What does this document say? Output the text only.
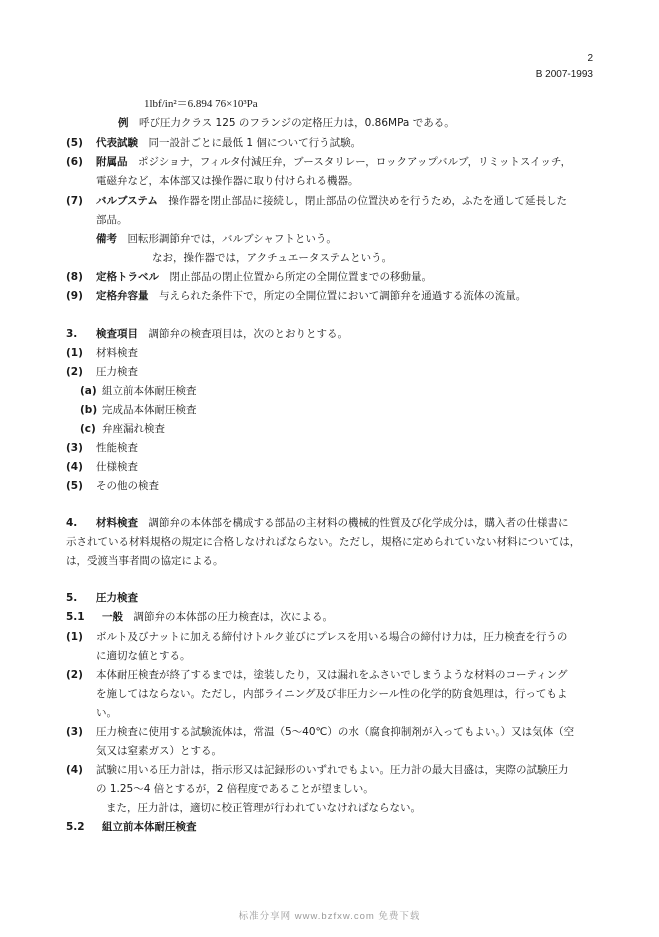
2
B 2007-1993
1lbf/in²＝6.894 76×10³Pa
例　 呼び圧力クラス 125 のフランジの定格圧力は，0.86MPa である。
(5) 代表試験　 同一設計ごとに最低 1 個について行う試験。
(6) 附属品　 ポジショナ，フィルタ付減圧弁，ブースタリレー，ロックアップバルブ，リミットスイッチ，
電磁弁など，本体部又は操作器に取り付けられる機器。
(7) バルブステム　 操作器を閉止部品に接続し，閉止部品の位置決めを行うため，ふたを通して延長した
部品。
備考　 回転形調節弁では，バルブシャフトという。
なお，操作器では，アクチュエータステムという。
(8) 定格トラベル　 閉止部品の閉止位置から所定の全開位置までの移動量。
(9) 定格弁容量　 与えられた条件下で，所定の全開位置において調節弁を通過する流体の流量。
3. 検査項目　 調節弁の検査項目は，次のとおりとする。
(1) 材料検査
(2) 圧力検査
(a) 組立前本体耐圧検査
(b) 完成品本体耐圧検査
(c) 弁座漏れ検査
(3) 性能検査
(4) 仕様検査
(5) その他の検査
4. 材料検査　 調節弁の本体部を構成する部品の主材料の機械的性質及び化学成分は，購入者の仕様書に
示されている材料規格の規定に合格しなければならない。ただし，規格に定められていない材料については，
は，受渡当事者間の協定による。
5. 圧力検査
5.1 一般　 調節弁の本体部の圧力検査は，次による。
(1) ボルト及びナットに加える締付けトルク並びにプレスを用いる場合の締付け力は，圧力検査を行うの
に適切な値とする。
(2) 本体耐圧検査が終了するまでは，塗装したり，又は漏れをふさいでしまうような材料のコーティング
を施してはならない。ただし，内部ライニング及び非圧力シール性の化学的防食処理は，行ってもよ
い。
(3) 圧力検査に使用する試験流体は，常温（5～40℃）の水（腐食抑制剤が入ってもよい。）又は気体（空
気又は窒素ガス）とする。
(4) 試験に用いる圧力計は，指示形又は記録形のいずれでもよい。圧力計の最大目盛は，実際の試験圧力
の 1.25～4 倍とするが，2 倍程度であることが望ましい。
また，圧力計は，適切に校正管理が行われていなければならない。
5.2 組立前本体耐圧検査
标准分享网 www.bzfxw.com 免费下载
